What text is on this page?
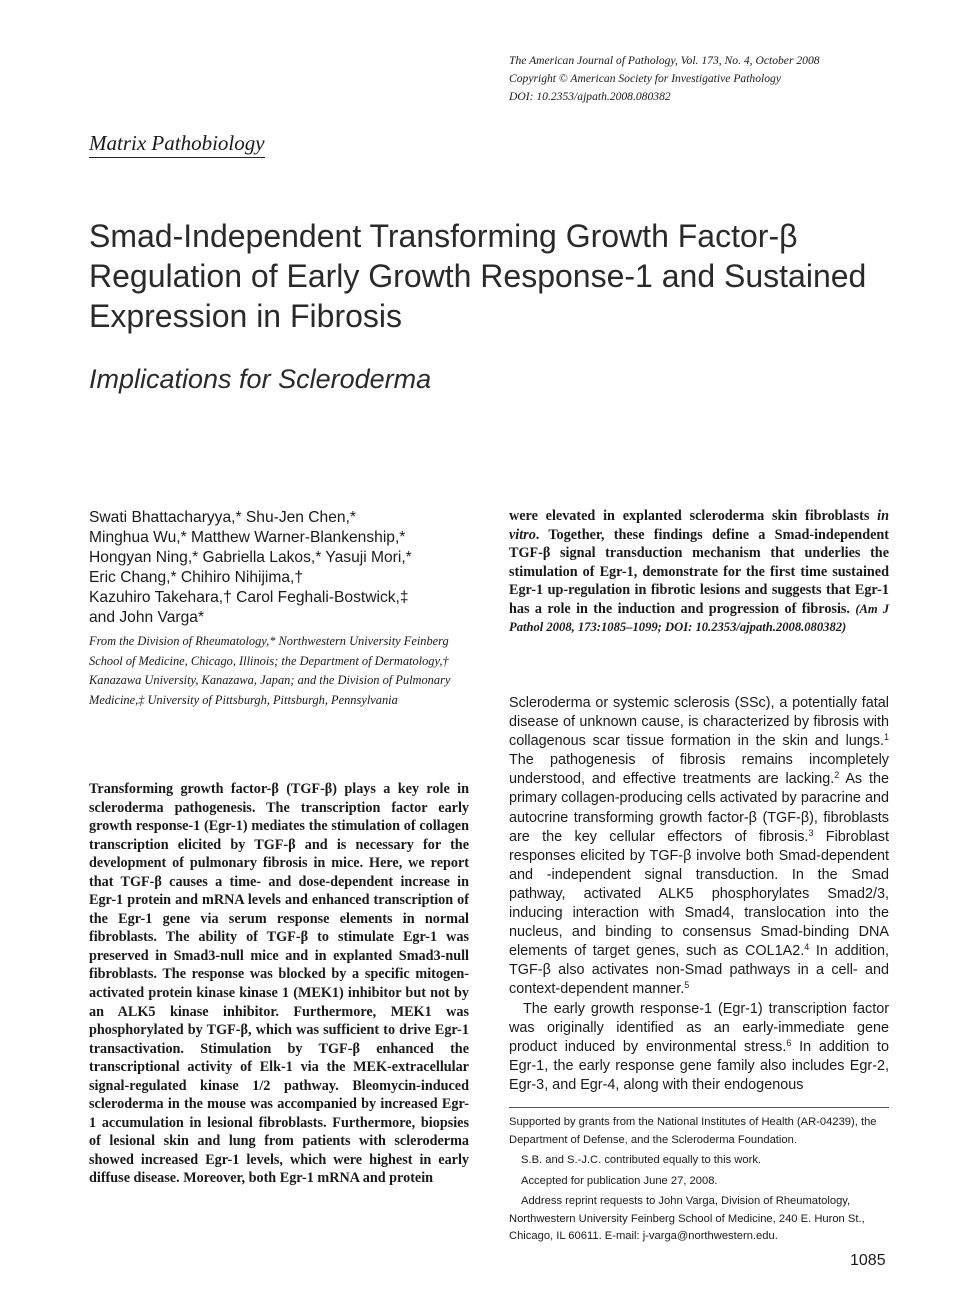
The American Journal of Pathology, Vol. 173, No. 4, October 2008
Copyright © American Society for Investigative Pathology
DOI: 10.2353/ajpath.2008.080382
Matrix Pathobiology
Smad-Independent Transforming Growth Factor-β Regulation of Early Growth Response-1 and Sustained Expression in Fibrosis
Implications for Scleroderma
Swati Bhattacharyya,* Shu-Jen Chen,*
Minghua Wu,* Matthew Warner-Blankenship,*
Hongyan Ning,* Gabriella Lakos,* Yasuji Mori,*
Eric Chang,* Chihiro Nihijima,†
Kazuhiro Takehara,† Carol Feghali-Bostwick,‡
and John Varga*
From the Division of Rheumatology,* Northwestern University Feinberg School of Medicine, Chicago, Illinois; the Department of Dermatology,† Kanazawa University, Kanazawa, Japan; and the Division of Pulmonary Medicine,‡ University of Pittsburgh, Pittsburgh, Pennsylvania
Transforming growth factor-β (TGF-β) plays a key role in scleroderma pathogenesis. The transcription factor early growth response-1 (Egr-1) mediates the stimulation of collagen transcription elicited by TGF-β and is necessary for the development of pulmonary fibrosis in mice. Here, we report that TGF-β causes a time- and dose-dependent increase in Egr-1 protein and mRNA levels and enhanced transcription of the Egr-1 gene via serum response elements in normal fibroblasts. The ability of TGF-β to stimulate Egr-1 was preserved in Smad3-null mice and in explanted Smad3-null fibroblasts. The response was blocked by a specific mitogen-activated protein kinase kinase 1 (MEK1) inhibitor but not by an ALK5 kinase inhibitor. Furthermore, MEK1 was phosphorylated by TGF-β, which was sufficient to drive Egr-1 transactivation. Stimulation by TGF-β enhanced the transcriptional activity of Elk-1 via the MEK-extracellular signal-regulated kinase 1/2 pathway. Bleomycin-induced scleroderma in the mouse was accompanied by increased Egr-1 accumulation in lesional fibroblasts. Furthermore, biopsies of lesional skin and lung from patients with scleroderma showed increased Egr-1 levels, which were highest in early diffuse disease. Moreover, both Egr-1 mRNA and protein
were elevated in explanted scleroderma skin fibroblasts in vitro. Together, these findings define a Smad-independent TGF-β signal transduction mechanism that underlies the stimulation of Egr-1, demonstrate for the first time sustained Egr-1 up-regulation in fibrotic lesions and suggests that Egr-1 has a role in the induction and progression of fibrosis. (Am J Pathol 2008, 173:1085–1099; DOI: 10.2353/ajpath.2008.080382)

Scleroderma or systemic sclerosis (SSc), a potentially fatal disease of unknown cause, is characterized by fibrosis with collagenous scar tissue formation in the skin and lungs.$^1$ The pathogenesis of fibrosis remains incompletely understood, and effective treatments are lacking.$^2$ As the primary collagen-producing cells activated by paracrine and autocrine transforming growth factor-β (TGF-β), fibroblasts are the key cellular effectors of fibrosis.$^3$ Fibroblast responses elicited by TGF-β involve both Smad-dependent and -independent signal transduction. In the Smad pathway, activated ALK5 phosphorylates Smad2/3, inducing interaction with Smad4, translocation into the nucleus, and binding to consensus Smad-binding DNA elements of target genes, such as COL1A2.$^4$ In addition, TGF-β also activates non-Smad pathways in a cell- and context-dependent manner.$^5$

The early growth response-1 (Egr-1) transcription factor was originally identified as an early-immediate gene product induced by environmental stress.$^6$ In addition to Egr-1, the early response gene family also includes Egr-2, Egr-3, and Egr-4, along with their endogenous

Supported by grants from the National Institutes of Health (AR-04239), the Department of Defense, and the Scleroderma Foundation.

S.B. and S.-J.C. contributed equally to this work.

Accepted for publication June 27, 2008.

Address reprint requests to John Varga, Division of Rheumatology, Northwestern University Feinberg School of Medicine, 240 E. Huron St., Chicago, IL 60611. E-mail: j-varga@northwestern.edu.

1085
